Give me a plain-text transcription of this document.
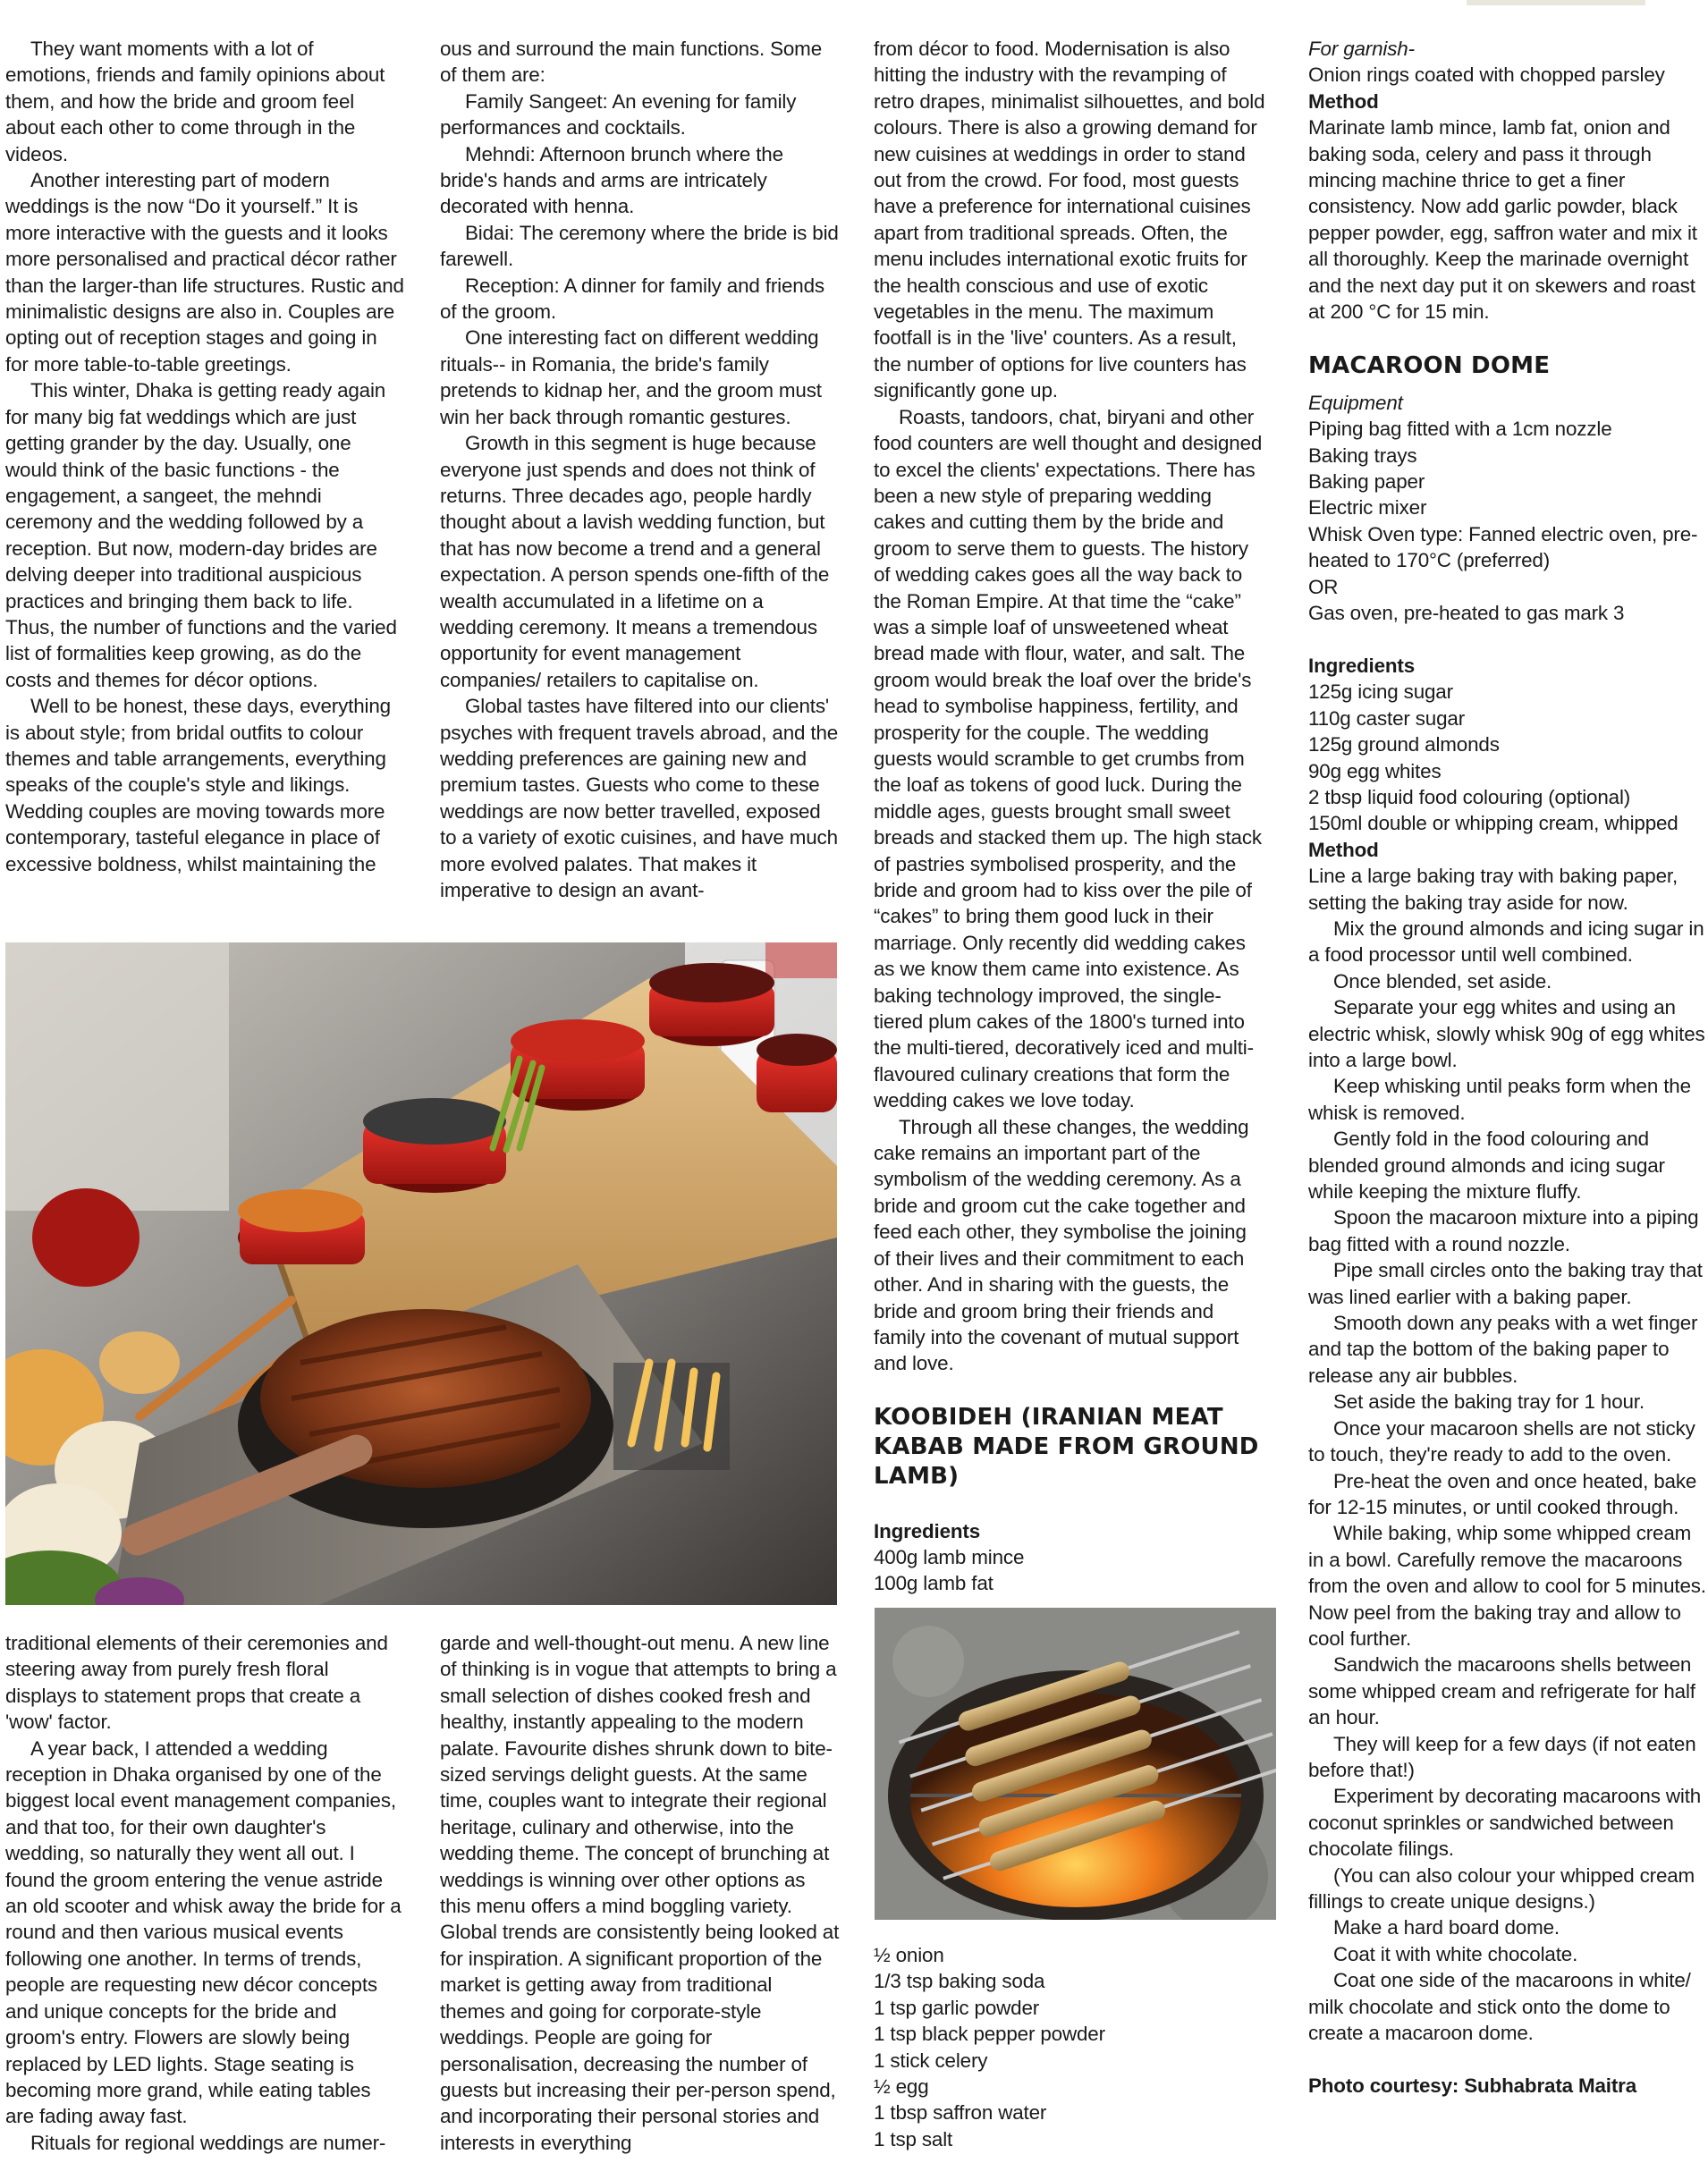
They want moments with a lot of emotions, friends and family opinions about them, and how the bride and groom feel about each other to come through in the videos.

Another interesting part of modern weddings is the now “Do it yourself.” It is more interactive with the guests and it looks more personalised and practical décor rather than the larger-than life structures. Rustic and minimalistic designs are also in. Couples are opting out of reception stages and going in for more table-to-table greetings.

This winter, Dhaka is getting ready again for many big fat weddings which are just getting grander by the day. Usually, one would think of the basic functions - the engagement, a sangeet, the mehndi ceremony and the wedding followed by a reception. But now, modern-day brides are delving deeper into traditional auspicious practices and bringing them back to life. Thus, the number of functions and the varied list of formalities keep growing, as do the costs and themes for décor options.

Well to be honest, these days, everything is about style; from bridal outfits to colour themes and table arrangements, everything speaks of the couple's style and likings. Wedding couples are moving towards more contemporary, tasteful elegance in place of excessive boldness, whilst maintaining the

ous and surround the main functions. Some of them are:

Family Sangeet: An evening for family performances and cocktails.

Mehndi: Afternoon brunch where the bride's hands and arms are intricately decorated with henna.

Bidai: The ceremony where the bride is bid farewell.

Reception: A dinner for family and friends of the groom.

One interesting fact on different wedding rituals-- in Romania, the bride's family pretends to kidnap her, and the groom must win her back through romantic gestures.

Growth in this segment is huge because everyone just spends and does not think of returns. Three decades ago, people hardly thought about a lavish wedding function, but that has now become a trend and a general expectation. A person spends one-fifth of the wealth accumulated in a lifetime on a wedding ceremony. It means a tremendous opportunity for event management companies/ retailers to capitalise on.

Global tastes have filtered into our clients' psyches with frequent travels abroad, and the wedding preferences are gaining new and premium tastes. Guests who come to these weddings are now better travelled, exposed to a variety of exotic cuisines, and have much more evolved palates. That makes it imperative to design an avant-

traditional elements of their ceremonies and steering away from purely fresh floral displays to statement props that create a 'wow' factor.

A year back, I attended a wedding reception in Dhaka organised by one of the biggest local event management companies, and that too, for their own daughter's wedding, so naturally they went all out. I found the groom entering the venue astride an old scooter and whisk away the bride for a round and then various musical events following one another. In terms of trends, people are requesting new décor concepts and unique concepts for the bride and groom's entry. Flowers are slowly being replaced by LED lights. Stage seating is becoming more grand, while eating tables are fading away fast.

Rituals for regional weddings are numer-

garde and well-thought-out menu. A new line of thinking is in vogue that attempts to bring a small selection of dishes cooked fresh and healthy, instantly appealing to the modern palate. Favourite dishes shrunk down to bite-sized servings delight guests. At the same time, couples want to integrate their regional heritage, culinary and otherwise, into the wedding theme. The concept of brunching at weddings is winning over other options as this menu offers a mind boggling variety. Global trends are consistently being looked at for inspiration. A significant proportion of the market is getting away from traditional themes and going for corporate-style weddings. People are going for personalisation, decreasing the number of guests but increasing their per-person spend, and incorporating their personal stories and interests in everything

from décor to food. Modernisation is also hitting the industry with the revamping of retro drapes, minimalist silhouettes, and bold colours. There is also a growing demand for new cuisines at weddings in order to stand out from the crowd. For food, most guests have a preference for international cuisines apart from traditional spreads. Often, the menu includes international exotic fruits for the health conscious and use of exotic vegetables in the menu. The maximum footfall is in the 'live' counters. As a result, the number of options for live counters has significantly gone up.

Roasts, tandoors, chat, biryani and other food counters are well thought and designed to excel the clients' expectations. There has been a new style of preparing wedding cakes and cutting them by the bride and groom to serve them to guests. The history of wedding cakes goes all the way back to the Roman Empire. At that time the “cake” was a simple loaf of unsweetened wheat bread made with flour, water, and salt. The groom would break the loaf over the bride's head to symbolise happiness, fertility, and prosperity for the couple. The wedding guests would scramble to get crumbs from the loaf as tokens of good luck. During the middle ages, guests brought small sweet breads and stacked them up. The high stack of pastries symbolised prosperity, and the bride and groom had to kiss over the pile of “cakes” to bring them good luck in their marriage. Only recently did wedding cakes as we know them came into existence. As baking technology improved, the single-tiered plum cakes of the 1800's turned into the multi-tiered, decoratively iced and multi-flavoured culinary creations that form the wedding cakes we love today.

Through all these changes, the wedding cake remains an important part of the symbolism of the wedding ceremony. As a bride and groom cut the cake together and feed each other, they symbolise the joining of their lives and their commitment to each other. And in sharing with the guests, the bride and groom bring their friends and family into the covenant of mutual support and love.

KOOBIDEH (IRANIAN MEAT KABAB MADE FROM GROUND LAMB)

Ingredients

400g lamb mince

100g lamb fat

½ onion

1/3 tsp baking soda

1 tsp garlic powder

1 tsp black pepper powder

1 stick celery

½ egg

1 tbsp saffron water

1 tsp salt

For garnish-

Onion rings coated with chopped parsley

Method

Marinate lamb mince, lamb fat, onion and baking soda, celery and pass it through mincing machine thrice to get a finer consistency. Now add garlic powder, black pepper powder, egg, saffron water and mix it all thoroughly. Keep the marinade overnight and the next day put it on skewers and roast at 200 °C for 15 min.

MACAROON DOME

Equipment

Piping bag fitted with a 1cm nozzle

Baking trays

Baking paper

Electric mixer

Whisk Oven type: Fanned electric oven, pre-heated to 170°C (preferred)

OR

Gas oven, pre-heated to gas mark 3

Ingredients

125g icing sugar

110g caster sugar

125g ground almonds

90g egg whites

2 tbsp liquid food colouring (optional)

150ml double or whipping cream, whipped

Method

Line a large baking tray with baking paper, setting the baking tray aside for now.

Mix the ground almonds and icing sugar in a food processor until well combined.

Once blended, set aside.

Separate your egg whites and using an electric whisk, slowly whisk 90g of egg whites into a large bowl.

Keep whisking until peaks form when the whisk is removed.

Gently fold in the food colouring and blended ground almonds and icing sugar while keeping the mixture fluffy.

Spoon the macaroon mixture into a piping bag fitted with a round nozzle.

Pipe small circles onto the baking tray that was lined earlier with a baking paper.

Smooth down any peaks with a wet finger and tap the bottom of the baking paper to release any air bubbles.

Set aside the baking tray for 1 hour.

Once your macaroon shells are not sticky to touch, they're ready to add to the oven.

Pre-heat the oven and once heated, bake for 12-15 minutes, or until cooked through.

While baking, whip some whipped cream in a bowl. Carefully remove the macaroons from the oven and allow to cool for 5 minutes. Now peel from the baking tray and allow to cool further.

Sandwich the macaroons shells between some whipped cream and refrigerate for half an hour.

They will keep for a few days (if not eaten before that!)

Experiment by decorating macaroons with coconut sprinkles or sandwiched between chocolate filings.

(You can also colour your whipped cream fillings to create unique designs.)

Make a hard board dome.

Coat it with white chocolate.

Coat one side of the macaroons in white/ milk chocolate and stick onto the dome to create a macaroon dome.

Photo courtesy: Subhabrata Maitra
